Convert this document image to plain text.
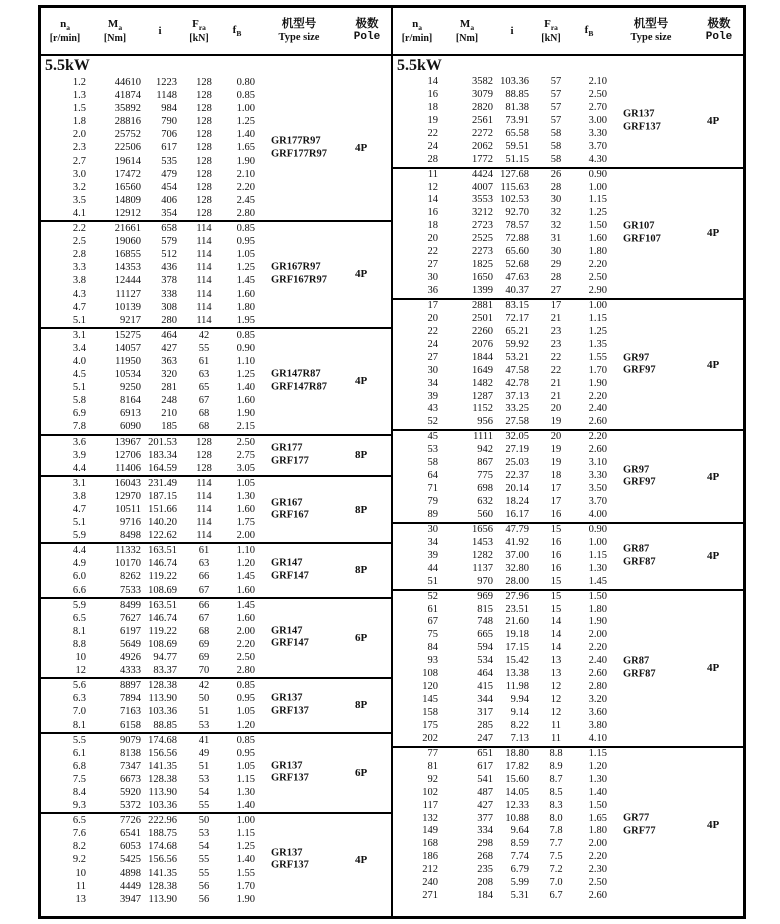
$n_a$
[r/min]
$M_a$
[Nm]
i
$F_{ra}$
[kN]
$f_B$
机型号
Type size
极数
Pole
5.5kW
1.2	44610	1223	128	0.80
1.3	41874	1148	128	0.85
1.5	35892	984	128	1.00
1.8	28816	790	128	1.25
2.0	25752	706	128	1.40
2.3	22506	617	128	1.65
2.7	19614	535	128	1.90
3.0	17472	479	128	2.10
3.2	16560	454	128	2.20
3.5	14809	406	128	2.45
4.1	12912	354	128	2.80
GR177R97
GRF177R97	4P
2.2	21661	658	114	0.85
2.5	19060	579	114	0.95
2.8	16855	512	114	1.05
3.3	14353	436	114	1.25
3.8	12444	378	114	1.45
4.3	11127	338	114	1.60
4.7	10139	308	114	1.80
5.1	9217	280	114	1.95
GR167R97
GRF167R97	4P
3.1	15275	464	42	0.85
3.4	14057	427	55	0.90
4.0	11950	363	61	1.10
4.5	10534	320	63	1.25
5.1	9250	281	65	1.40
5.8	8164	248	67	1.60
6.9	6913	210	68	1.90
7.8	6090	185	68	2.15
GR147R87
GRF147R87	4P
3.6	13967 201.53	128	2.50
3.9	12706 183.34	128	2.75
4.4	11406 164.59	128	3.05
GR177
GRF177	8P
3.1	16043 231.49	114	1.05
3.8	12970 187.15	114	1.30
4.7	10511 151.66	114	1.60
5.1	9716 140.20	114	1.75
5.9	8498 122.62	114	2.00
GR167
GRF167	8P
4.4	11332 163.51	61	1.10
4.9	10170 146.74	63	1.20
6.0	8262 119.22	66	1.45
6.6	7533 108.69	67	1.60
GR147
GRF147	8P
5.9	8499 163.51	66	1.45
6.5	7627 146.74	67	1.60
8.1	6197 119.22	68	2.00
8.8	5649 108.69	69	2.20
10	4926	94.77	69	2.50
12	4333	83.37	70	2.80
GR147
GRF147	6P
5.6	8897 128.38	42	0.85
6.3	7894 113.90	50	0.95
7.0	7163 103.36	51	1.05
8.1	6158	88.85	53	1.20
GR137
GRF137	8P
5.5	9079 174.68	41	0.85
6.1	8138 156.56	49	0.95
6.8	7347 141.35	51	1.05
7.5	6673 128.38	53	1.15
8.4	5920 113.90	54	1.30
9.3	5372 103.36	55	1.40
GR137
GRF137	6P
6.5	7726 222.96	50	1.00
7.6	6541 188.75	53	1.15
8.2	6053 174.68	54	1.25
9.2	5425 156.56	55	1.40
10	4898 141.35	55	1.55
11	4449 128.38	56	1.70
13	3947 113.90	56	1.90
GR137
GRF137	4P
$n_a$
[r/min]
$M_a$
[Nm]
i
$F_{ra}$
[kN]
$f_B$
机型号
Type size
极数
Pole
5.5kW
14	3582 103.36	57	2.10
16	3079	88.85	57	2.50
18	2820	81.38	57	2.70
19	2561	73.91	57	3.00
22	2272	65.58	58	3.30
24	2062	59.51	58	3.70
28	1772	51.15	58	4.30
GR137
GRF137	4P
11	4424 127.68	26	0.90
12	4007 115.63	28	1.00
14	3553 102.53	30	1.15
16	3212	92.70	32	1.25
18	2723	78.57	32	1.50
20	2525	72.88	31	1.60
22	2273	65.60	30	1.80
27	1825	52.68	29	2.20
30	1650	47.63	28	2.50
36	1399	40.37	27	2.90
GR107
GRF107	4P
17	2881	83.15	17	1.00
20	2501	72.17	21	1.15
22	2260	65.21	23	1.25
24	2076	59.92	23	1.35
27	1844	53.21	22	1.55
30	1649	47.58	22	1.70
34	1482	42.78	21	1.90
39	1287	37.13	21	2.20
43	1152	33.25	20	2.40
52	956	27.58	19	2.60
GR97
GRF97	4P
45	1111	32.05	20	2.20
53	942	27.19	19	2.60
58	867	25.03	19	3.10
64	775	22.37	18	3.30
71	698	20.14	17	3.50
79	632	18.24	17	3.70
89	560	16.17	16	4.00
GR97
GRF97	4P
30	1656	47.79	15	0.90
34	1453	41.92	16	1.00
39	1282	37.00	16	1.15
44	1137	32.80	16	1.30
51	970	28.00	15	1.45
GR87
GRF87	4P
52	969	27.96	15	1.50
61	815	23.51	15	1.80
67	748	21.60	14	1.90
75	665	19.18	14	2.00
84	594	17.15	14	2.20
93	534	15.42	13	2.40
108	464	13.38	13	2.60
120	415	11.98	12	2.80
145	344	9.94	12	3.20
158	317	9.14	12	3.60
175	285	8.22	11	3.80
202	247	7.13	11	4.10
GR87
GRF87	4P
77	651	18.80	8.8	1.15
81	617	17.82	8.9	1.20
92	541	15.60	8.7	1.30
102	487	14.05	8.5	1.40
117	427	12.33	8.3	1.50
132	377	10.88	8.0	1.65
149	334	9.64	7.8	1.80
168	298	8.59	7.7	2.00
186	268	7.74	7.5	2.20
212	235	6.79	7.2	2.30
240	208	5.99	7.0	2.50
271	184	5.31	6.7	2.60
GR77
GRF77	4P
